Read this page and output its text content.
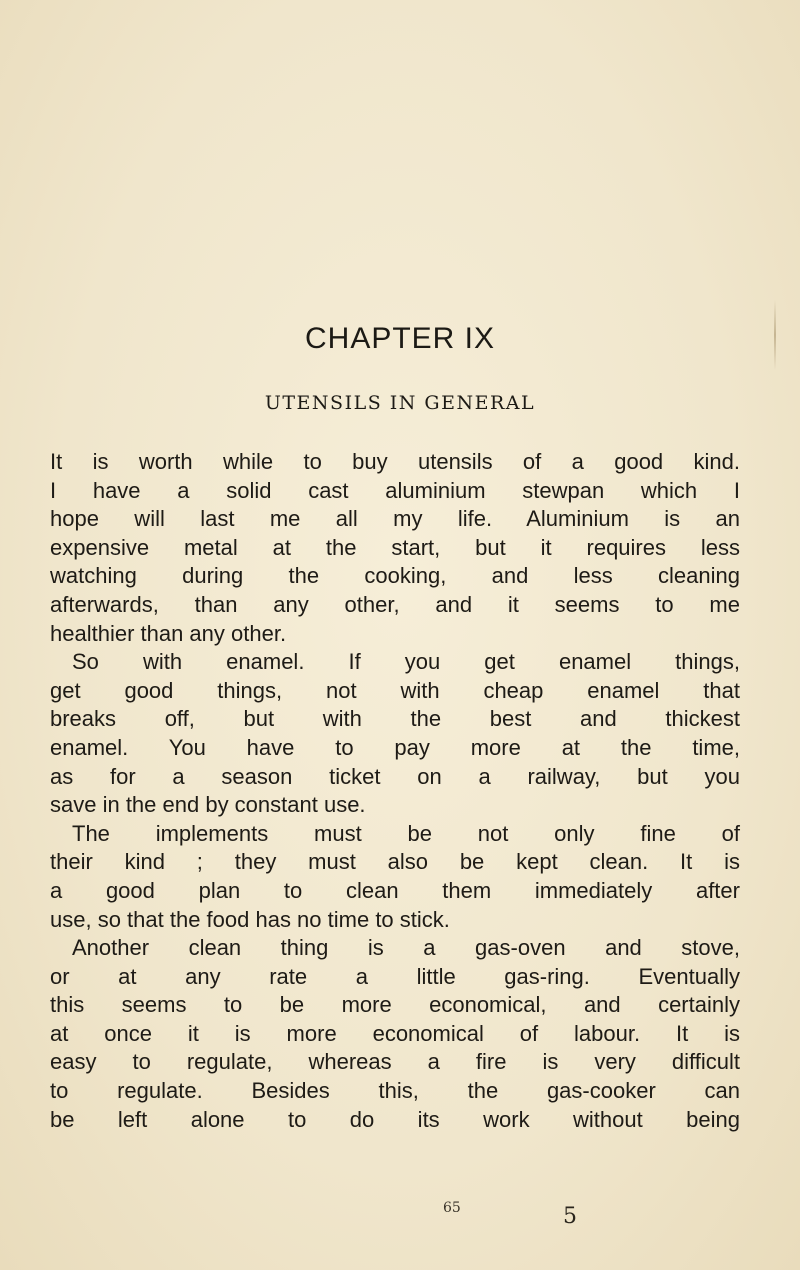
CHAPTER IX
UTENSILS IN GENERAL
It is worth while to buy utensils of a good kind.
I have a solid cast aluminium stewpan which I
hope will last me all my life. Aluminium is an
expensive metal at the start, but it requires less
watching during the cooking, and less cleaning
afterwards, than any other, and it seems to me
healthier than any other.
So with enamel. If you get enamel things,
get good things, not with cheap enamel that
breaks off, but with the best and thickest
enamel. You have to pay more at the time,
as for a season ticket on a railway, but you
save in the end by constant use.
The implements must be not only fine of
their kind ; they must also be kept clean. It is
a good plan to clean them immediately after
use, so that the food has no time to stick.
Another clean thing is a gas-oven and stove,
or at any rate a little gas-ring. Eventually
this seems to be more economical, and certainly
at once it is more economical of labour. It is
easy to regulate, whereas a fire is very difficult
to regulate. Besides this, the gas-cooker can
be left alone to do its work without being
65	5
